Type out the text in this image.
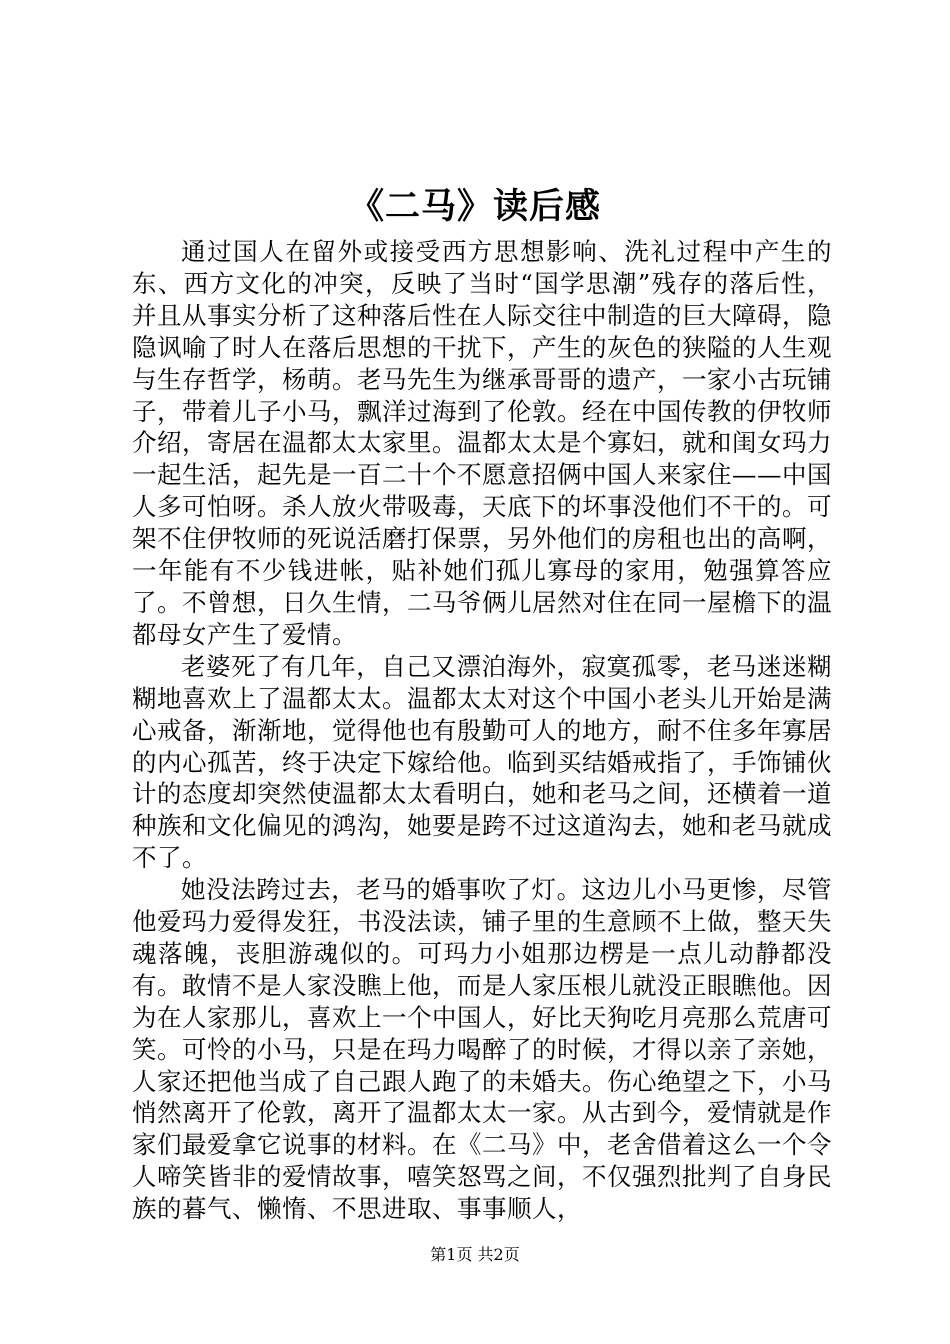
《二马》读后感

通过国人在留外或接受西方思想影响、洗礼过程中产生的东、西方文化的冲突，反映了当时“国学思潮”残存的落后性，并且从事实分析了这种落后性在人际交往中制造的巨大障碍，隐隐讽喻了时人在落后思想的干扰下，产生的灰色的狭隘的人生观与生存哲学，杨萌。老马先生为继承哥哥的遗产，一家小古玩铺子，带着儿子小马，飘洋过海到了伦敦。经在中国传教的伊牧师介绍，寄居在温都太太家里。温都太太是个寡妇，就和闺女玛力一起生活，起先是一百二十个不愿意招俩中国人来家住——中国人多可怕呀。杀人放火带吸毒，天底下的坏事没他们不干的。可架不住伊牧师的死说活磨打保票，另外他们的房租也出的高啊，一年能有不少钱进帐，贴补她们孤儿寡母的家用，勉强算答应了。不曾想，日久生情，二马爷俩儿居然对住在同一屋檐下的温都母女产生了爱情。

老婆死了有几年，自己又漂泊海外，寂寞孤零，老马迷迷糊糊地喜欢上了温都太太。温都太太对这个中国小老头儿开始是满心戒备，渐渐地，觉得他也有殷勤可人的地方，耐不住多年寡居的内心孤苦，终于决定下嫁给他。临到买结婚戒指了，手饰铺伙计的态度却突然使温都太太看明白，她和老马之间，还横着一道种族和文化偏见的鸿沟，她要是跨不过这道沟去，她和老马就成不了。

她没法跨过去，老马的婚事吹了灯。这边儿小马更惨，尽管他爱玛力爱得发狂，书没法读，铺子里的生意顾不上做，整天失魂落魄，丧胆游魂似的。可玛力小姐那边楞是一点儿动静都没有。敢情不是人家没瞧上他，而是人家压根儿就没正眼瞧他。因为在人家那儿，喜欢上一个中国人，好比天狗吃月亮那么荒唐可笑。可怜的小马，只是在玛力喝醉了的时候，才得以亲了亲她，人家还把他当成了自己跟人跑了的未婚夫。伤心绝望之下，小马悄然离开了伦敦，离开了温都太太一家。从古到今，爱情就是作家们最爱拿它说事的材料。在《二马》中，老舍借着这么一个令人啼笑皆非的爱情故事，嘻笑怒骂之间，不仅强烈批判了自身民族的暮气、懒惰、不思进取、事事顺人，

第1页 共2页
